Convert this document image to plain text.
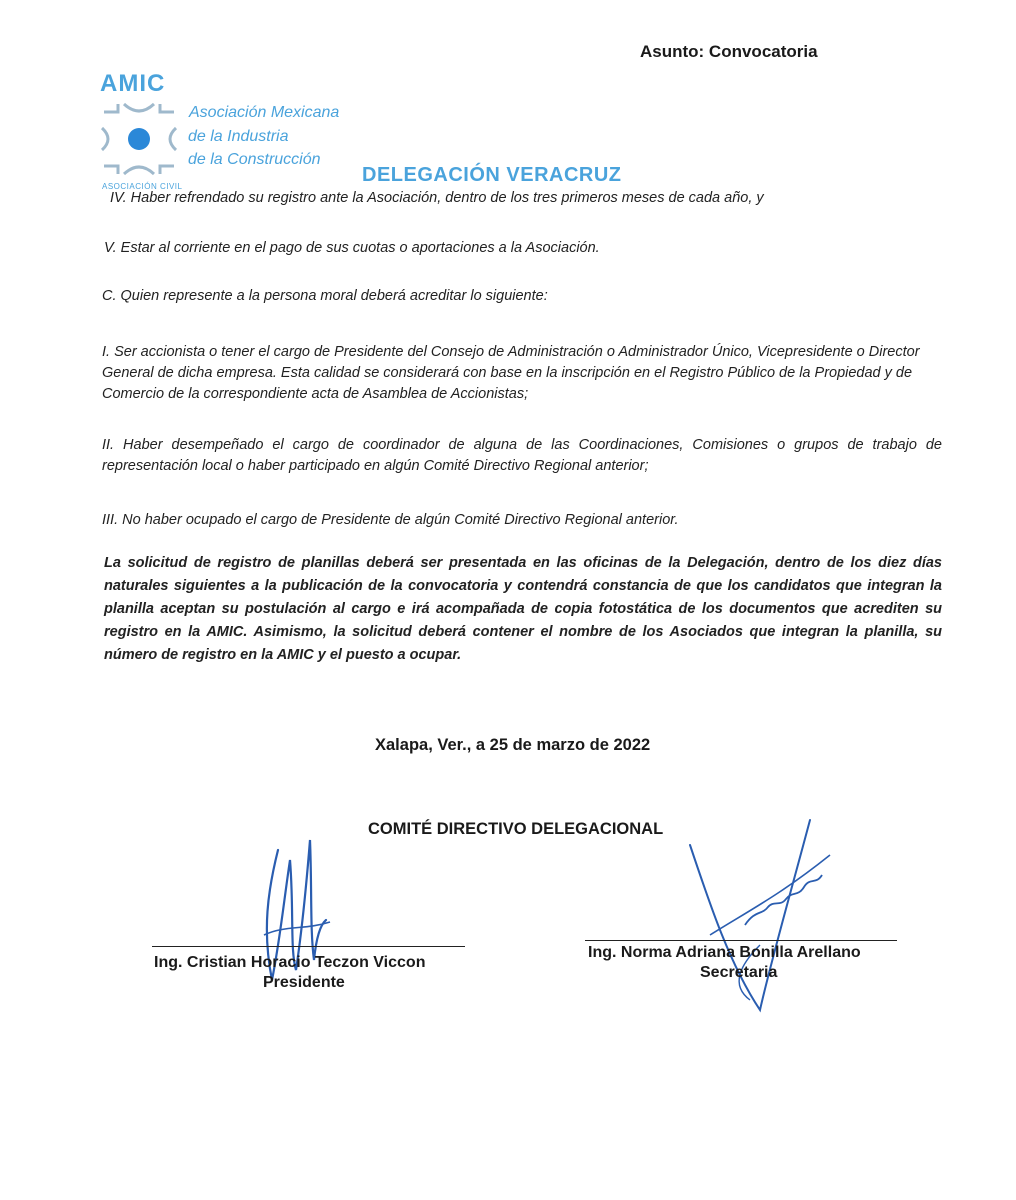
Asunto: Convocatoria
AMIC
Asociación Mexicana
de la Industria
de la Construcción
ASOCIACIÓN CIVIL
DELEGACIÓN VERACRUZ
IV. Haber refrendado su registro ante la Asociación, dentro de los tres primeros meses de cada año, y
V. Estar al corriente en el pago de sus cuotas o aportaciones a la Asociación.
C. Quien represente a la persona moral deberá acreditar lo siguiente:
I. Ser accionista o tener el cargo de Presidente del Consejo de Administración o Administrador Único, Vicepresidente o Director General de dicha empresa. Esta calidad se considerará con base en la inscripción en el Registro Público de la Propiedad y de Comercio de la correspondiente acta de Asamblea de Accionistas;
II. Haber desempeñado el cargo de coordinador de alguna de las Coordinaciones, Comisiones o grupos de trabajo de representación local o haber participado en algún Comité Directivo Regional anterior;
III. No haber ocupado el cargo de Presidente de algún Comité Directivo Regional anterior.
La solicitud de registro de planillas deberá ser presentada en las oficinas de la Delegación, dentro de los diez días naturales siguientes a la publicación de la convocatoria y contendrá constancia de que los candidatos que integran la planilla aceptan su postulación al cargo e irá acompañada de copia fotostática de los documentos que acrediten su registro en la AMIC. Asimismo, la solicitud deberá contener el nombre de los Asociados que integran la planilla, su número de registro en la AMIC y el puesto a ocupar.
Xalapa, Ver., a 25 de marzo de 2022
COMITÉ DIRECTIVO DELEGACIONAL
Ing. Cristian Horacio Teczon Viccon
Presidente
Ing. Norma Adriana Bonilla Arellano
Secretaria
